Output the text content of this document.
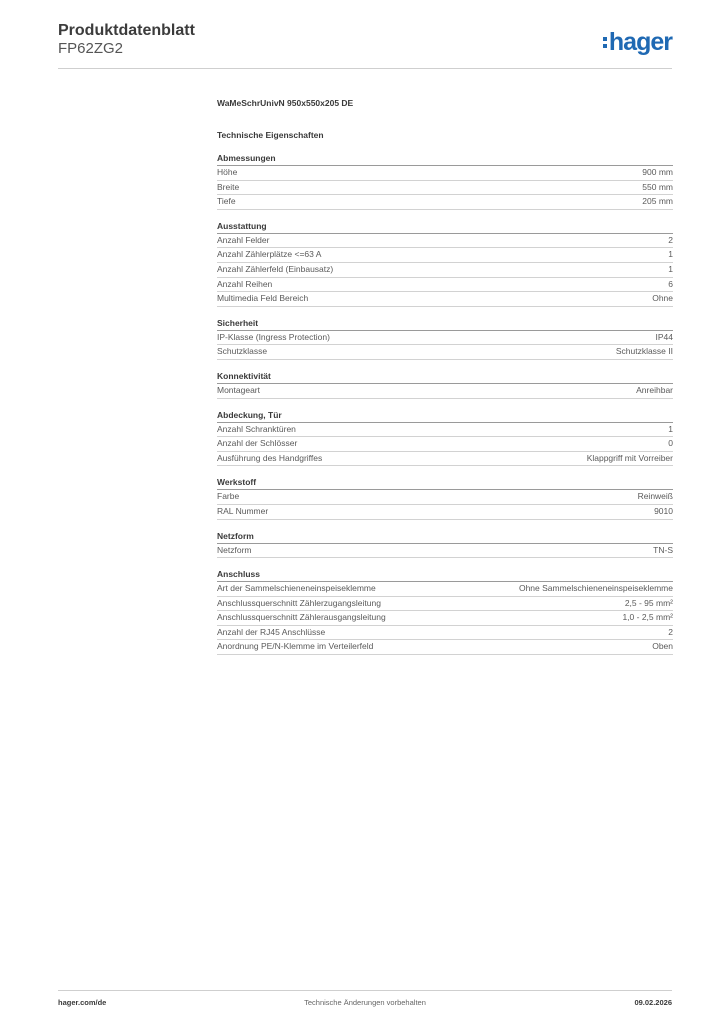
Produktdatenblatt
FP62ZG2	hager
WaMeSchrUnivN 950x550x205 DE
Technische Eigenschaften
Abmessungen
Höhe	900 mm
Breite	550 mm
Tiefe	205 mm
Ausstattung
Anzahl Felder	2
Anzahl Zählerplätze <=63 A	1
Anzahl Zählerfeld (Einbausatz)	1
Anzahl Reihen	6
Multimedia Feld Bereich	Ohne
Sicherheit
IP-Klasse (Ingress Protection)	IP44
Schutzklasse	Schutzklasse II
Konnektivität
Montageart	Anreihbar
Abdeckung, Tür
Anzahl Schranktüren	1
Anzahl der Schlösser	0
Ausführung des Handgriffes	Klappgriff mit Vorreiber
Werkstoff
Farbe	Reinweiß
RAL Nummer	9010
Netzform
Netzform	TN-S
Anschluss
Art der Sammelschieneneinspeiseklemme	Ohne Sammelschieneneinspeiseklemme
Anschlussquerschnitt Zählerzugangsleitung	2,5 - 95 mm²
Anschlussquerschnitt Zählerausgangsleitung	1,0 - 2,5 mm²
Anzahl der RJ45 Anschlüsse	2
Anordnung PE/N-Klemme im Verteilerfeld	Oben
hager.com/de	Technische Änderungen vorbehalten	09.02.2026
